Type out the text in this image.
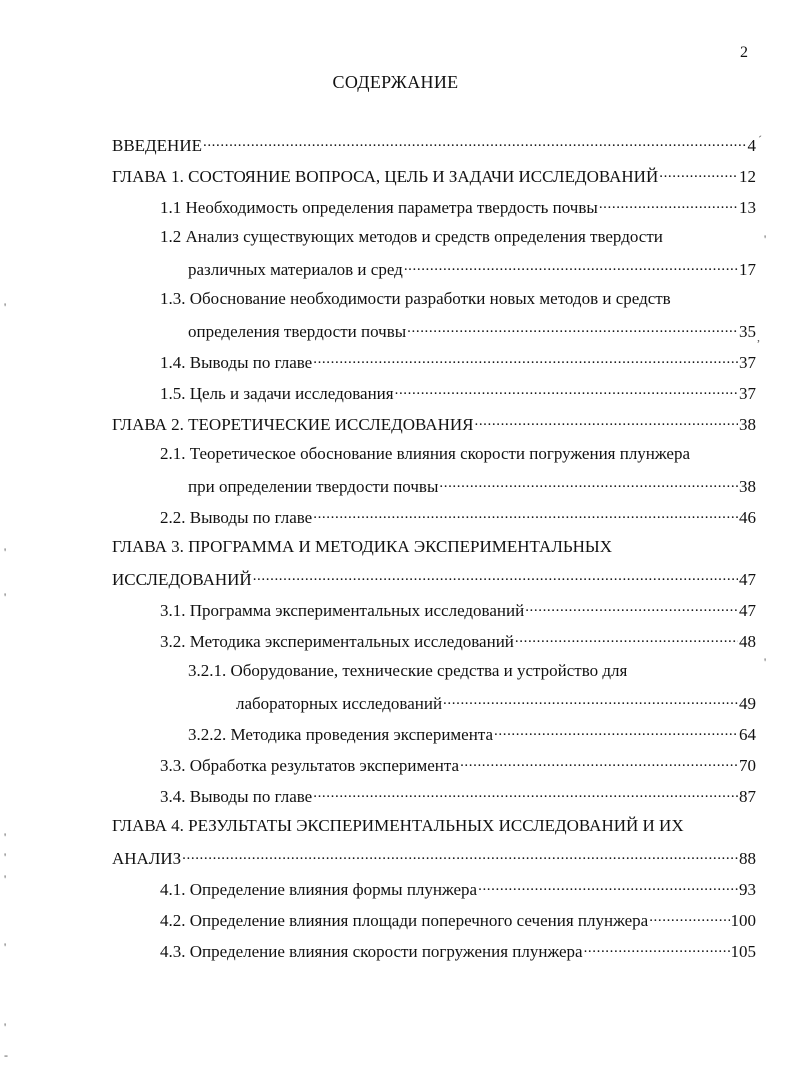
2
СОДЕРЖАНИЕ
ВВЕДЕНИЕ .....	4
ГЛАВА 1. СОСТОЯНИЕ ВОПРОСА, ЦЕЛЬ И ЗАДАЧИ ИССЛЕДОВАНИЙ .....	12
1.1 Необходимость определения параметра твердость почвы .....	13
1.2 Анализ существующих методов и средств определения твердости
различных материалов и сред .....	17
1.3. Обоснование необходимости разработки новых методов и средств
определения твердости почвы .....	35
1.4. Выводы по главе .....	37
1.5. Цель и задачи исследования .....	37
ГЛАВА 2. ТЕОРЕТИЧЕСКИЕ ИССЛЕДОВАНИЯ .....	38
2.1. Теоретическое обоснование влияния скорости погружения плунжера
при определении твердости почвы .....	38
2.2. Выводы по главе .....	46
ГЛАВА 3. ПРОГРАММА И МЕТОДИКА ЭКСПЕРИМЕНТАЛЬНЫХ
ИССЛЕДОВАНИЙ .....	47
3.1. Программа экспериментальных исследований .....	47
3.2. Методика экспериментальных исследований .....	48
3.2.1. Оборудование, технические средства и устройство для
лабораторных исследований .....	49
3.2.2. Методика проведения эксперимента .....	64
3.3. Обработка результатов эксперимента .....	70
3.4. Выводы по главе .....	87
ГЛАВА 4. РЕЗУЛЬТАТЫ ЭКСПЕРИМЕНТАЛЬНЫХ ИССЛЕДОВАНИЙ И ИХ
АНАЛИЗ .....	88
4.1. Определение влияния формы плунжера .....	93
4.2. Определение влияния площади поперечного сечения плунжера .....	100
4.3. Определение влияния скорости погружения плунжера .....	105
´
'
,
'
'
'
'
'
'
'
'
'
-
